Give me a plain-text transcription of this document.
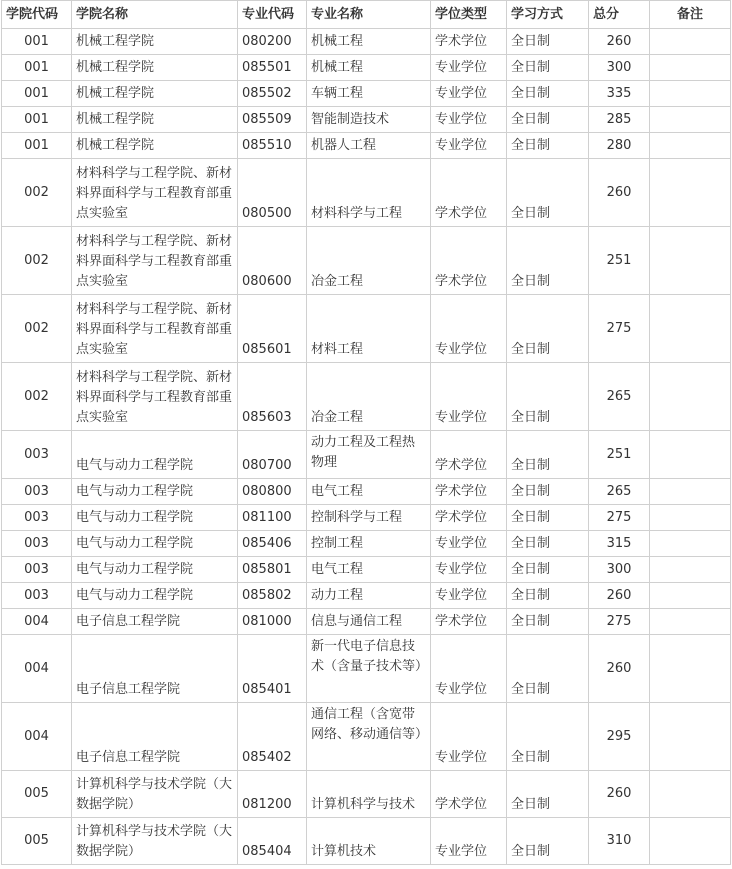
学院代码	学院名称	专业代码	专业名称	学位类型	学习方式	总分	备注
001	机械工程学院	080200	机械工程	学术学位	全日制	260	
001	机械工程学院	085501	机械工程	专业学位	全日制	300	
001	机械工程学院	085502	车辆工程	专业学位	全日制	335	
001	机械工程学院	085509	智能制造技术	专业学位	全日制	285	
001	机械工程学院	085510	机器人工程	专业学位	全日制	280	
002	材料科学与工程学院、新材料界面科学与工程教育部重点实验室	080500	材料科学与工程	学术学位	全日制	260	
002	材料科学与工程学院、新材料界面科学与工程教育部重点实验室	080600	冶金工程	学术学位	全日制	251	
002	材料科学与工程学院、新材料界面科学与工程教育部重点实验室	085601	材料工程	专业学位	全日制	275	
002	材料科学与工程学院、新材料界面科学与工程教育部重点实验室	085603	冶金工程	专业学位	全日制	265	
003	电气与动力工程学院	080700	动力工程及工程热物理	学术学位	全日制	251	
003	电气与动力工程学院	080800	电气工程	学术学位	全日制	265	
003	电气与动力工程学院	081100	控制科学与工程	学术学位	全日制	275	
003	电气与动力工程学院	085406	控制工程	专业学位	全日制	315	
003	电气与动力工程学院	085801	电气工程	专业学位	全日制	300	
003	电气与动力工程学院	085802	动力工程	专业学位	全日制	260	
004	电子信息工程学院	081000	信息与通信工程	学术学位	全日制	275	
004	电子信息工程学院	085401	新一代电子信息技术（含量子技术等）	专业学位	全日制	260	
004	电子信息工程学院	085402	通信工程（含宽带网络、移动通信等）	专业学位	全日制	295	
005	计算机科学与技术学院（大数据学院）	081200	计算机科学与技术	学术学位	全日制	260	
005	计算机科学与技术学院（大数据学院）	085404	计算机技术	专业学位	全日制	310	
